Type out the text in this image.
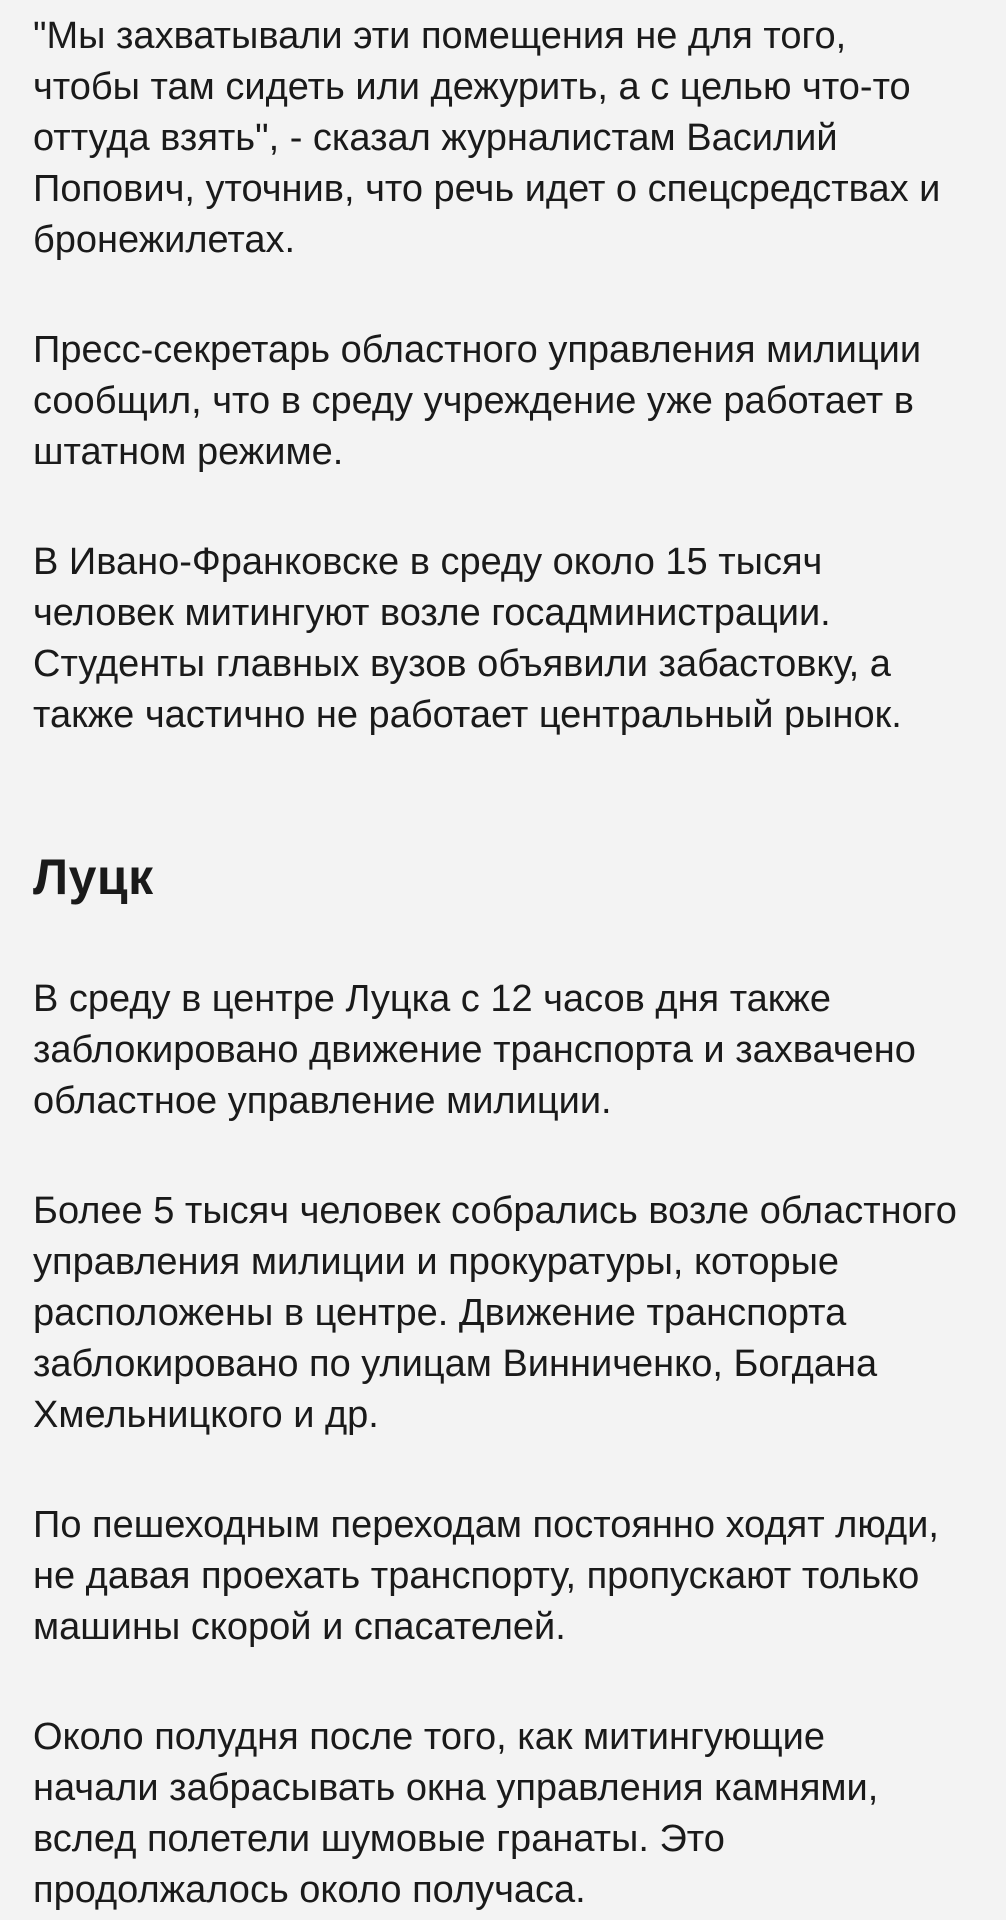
"Мы захватывали эти помещения не для того,
чтобы там сидеть или дежурить, а с целью что-то
оттуда взять", - сказал журналистам Василий
Попович, уточнив, что речь идет о спецсредствах и
бронежилетах.
Пресс-секретарь областного управления милиции
сообщил, что в среду учреждение уже работает в
штатном режиме.
В Ивано-Франковске в среду около 15 тысяч
человек митингуют возле госадминистрации.
Студенты главных вузов объявили забастовку, а
также частично не работает центральный рынок.
Луцк
В среду в центре Луцка с 12 часов дня также
заблокировано движение транспорта и захвачено
областное управление милиции.
Более 5 тысяч человек собрались возле областного
управления милиции и прокуратуры, которые
расположены в центре. Движение транспорта
заблокировано по улицам Винниченко, Богдана
Хмельницкого и др.
По пешеходным переходам постоянно ходят люди,
не давая проехать транспорту, пропускают только
машины скорой и спасателей.
Около полудня после того, как митингующие
начали забрасывать окна управления камнями,
вслед полетели шумовые гранаты. Это
продолжалось около получаса.
